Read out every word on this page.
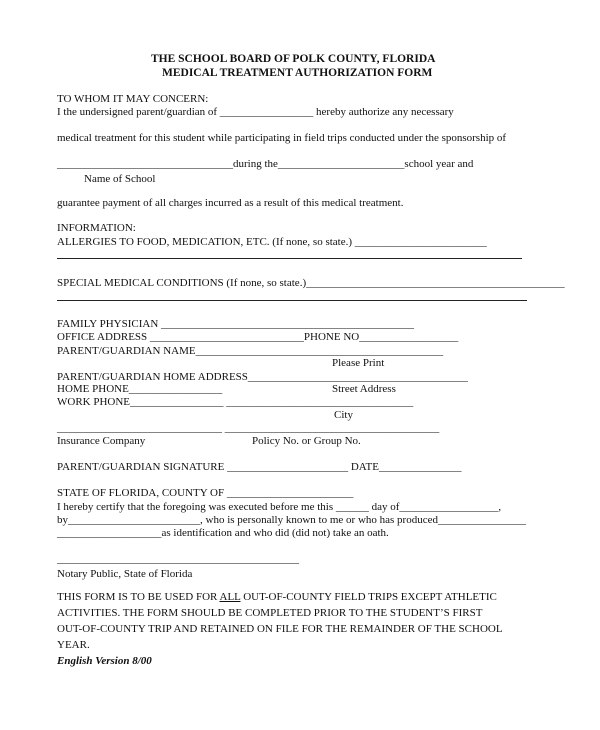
THE SCHOOL BOARD OF POLK COUNTY, FLORIDA
MEDICAL TREATMENT AUTHORIZATION FORM
TO WHOM IT MAY CONCERN:
I the undersigned parent/guardian of _________________ hereby authorize any necessary
medical treatment for this student while participating in field trips conducted under the sponsorship of
________________________________during the_______________________school year and
Name of School
guarantee payment of all charges incurred as a result of this medical treatment.
INFORMATION:
ALLERGIES TO FOOD, MEDICATION, ETC. (If none, so state.) ________________________
SPECIAL MEDICAL CONDITIONS (If none, so state.)_______________________________________________
FAMILY PHYSICIAN ______________________________________________
OFFICE ADDRESS ____________________________PHONE NO__________________
PARENT/GUARDIAN NAME_____________________________________________
Please Print
PARENT/GUARDIAN HOME ADDRESS________________________________________
HOME PHONE_________________	Street Address
WORK PHONE_________________ __________________________________
City
______________________________ _______________________________________
Insurance Company	Policy No. or Group No.
PARENT/GUARDIAN SIGNATURE ______________________ DATE_______________
STATE OF FLORIDA, COUNTY OF _______________________
I hereby certify that the foregoing was executed before me this ______ day of__________________,
by________________________, who is personally known to me or who has produced________________
___________________as identification and who did (did not) take an oath.
____________________________________________
Notary Public, State of Florida
THIS FORM IS TO BE USED FOR ALL OUT-OF-COUNTY FIELD TRIPS EXCEPT ATHLETIC
ACTIVITIES. THE FORM SHOULD BE COMPLETED PRIOR TO THE STUDENT’S FIRST
OUT-OF-COUNTY TRIP AND RETAINED ON FILE FOR THE REMAINDER OF THE SCHOOL
YEAR.
English Version 8/00
